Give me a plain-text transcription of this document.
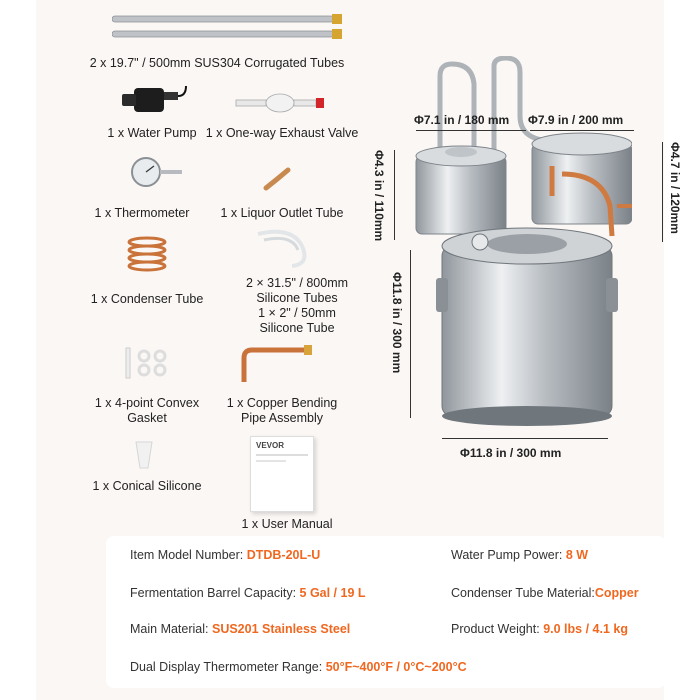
2 x 19.7" / 500mm SUS304 Corrugated Tubes
1 x Water Pump 1 x One-way Exhaust Valve
1 x Thermometer	1 x Liquor Outlet Tube
1 x Condenser Tube
2 × 31.5" / 800mm
Silicone Tubes
1 × 2" / 50mm
Silicone Tube
1 x 4-point Convex
Gasket
1 x Copper Bending
Pipe Assembly
1 x Conical Silicone
VEVOR
1 x User Manual
Φ7.1 in / 180 mm Φ7.9 in / 200 mm
Φ4.3 in / 110mm	Φ4.7 in / 120mm
Φ11.8 in / 300 mm
Φ11.8 in / 300 mm
Item Model Number: DTDB-20L-U	Water Pump Power: 8 W
Fermentation Barrel Capacity: 5 Gal / 19 L	Condenser Tube Material:Copper
Main Material: SUS201 Stainless Steel	Product Weight: 9.0 lbs / 4.1 kg
Dual Display Thermometer Range: 50°F~400°F / 0°C~200°C
